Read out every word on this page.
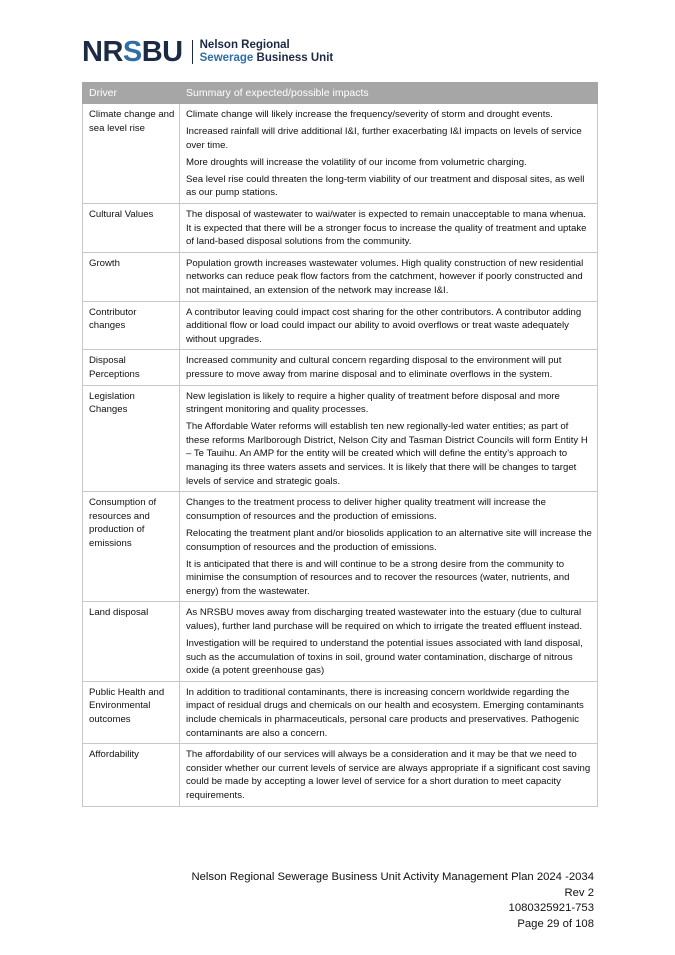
NRSBU Nelson Regional
Sewerage Business Unit
Driver	Summary of expected/possible impacts
Climate change and sea level rise	Climate change will likely increase the frequency/severity of storm and drought events.

Increased rainfall will drive additional I&I, further exacerbating I&I impacts on levels of service over time.

More droughts will increase the volatility of our income from volumetric charging.

Sea level rise could threaten the long-term viability of our treatment and disposal sites, as well as our pump stations.

Cultural Values	The disposal of wastewater to wai/water is expected to remain unacceptable to mana whenua. It is expected that there will be a stronger focus to increase the quality of treatment and uptake of land-based disposal solutions from the community.

Growth	Population growth increases wastewater volumes. High quality construction of new residential networks can reduce peak flow factors from the catchment, however if poorly constructed and not maintained, an extension of the network may increase I&I.

Contributor changes	A contributor leaving could impact cost sharing for the other contributors. A contributor adding additional flow or load could impact our ability to avoid overflows or treat waste adequately without upgrades.

Disposal Perceptions	Increased community and cultural concern regarding disposal to the environment will put pressure to move away from marine disposal and to eliminate overflows in the system.

Legislation Changes	New legislation is likely to require a higher quality of treatment before disposal and more stringent monitoring and quality processes.

The Affordable Water reforms will establish ten new regionally-led water entities; as part of these reforms Marlborough District, Nelson City and Tasman District Councils will form Entity H – Te Tauihu. An AMP for the entity will be created which will define the entity’s approach to managing its three waters assets and services. It is likely that there will be changes to target levels of service and strategic goals.

Consumption of resources and production of emissions	Changes to the treatment process to deliver higher quality treatment will increase the consumption of resources and the production of emissions.

Relocating the treatment plant and/or biosolids application to an alternative site will increase the consumption of resources and the production of emissions.

It is anticipated that there is and will continue to be a strong desire from the community to minimise the consumption of resources and to recover the resources (water, nutrients, and energy) from the wastewater.

Land disposal	As NRSBU moves away from discharging treated wastewater into the estuary (due to cultural values), further land purchase will be required on which to irrigate the treated effluent instead.

Investigation will be required to understand the potential issues associated with land disposal, such as the accumulation of toxins in soil, ground water contamination, discharge of nitrous oxide (a potent greenhouse gas)

Public Health and Environmental outcomes	In addition to traditional contaminants, there is increasing concern worldwide regarding the impact of residual drugs and chemicals on our health and ecosystem. Emerging contaminants include chemicals in pharmaceuticals, personal care products and preservatives. Pathogenic contaminants are also a concern.

Affordability	The affordability of our services will always be a consideration and it may be that we need to consider whether our current levels of service are always appropriate if a significant cost saving could be made by accepting a lower level of service for a short duration to meet capacity requirements.

Nelson Regional Sewerage Business Unit Activity Management Plan 2024 -2034
Rev 2
1080325921-753
Page 29 of 108
